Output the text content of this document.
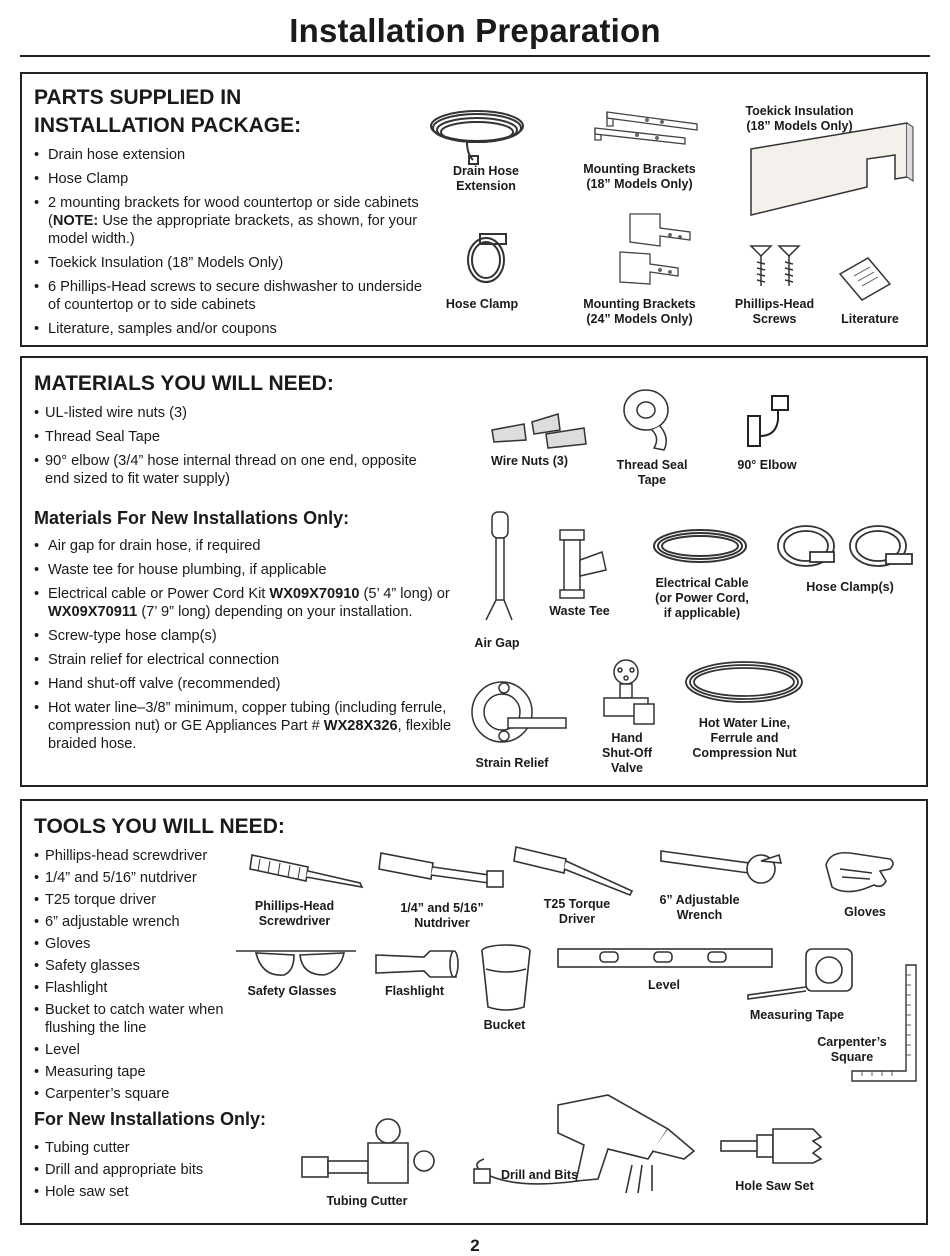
Installation Preparation
PARTS SUPPLIED IN
INSTALLATION PACKAGE:
• Drain hose extension
• Hose Clamp
• 2 mounting brackets for wood countertop or side cabinets (NOTE: Use the appropriate brackets, as shown, for your model width.)
• Toekick Insulation (18” Models Only)
• 6 Phillips-Head screws to secure dishwasher to underside of countertop or to side cabinets
• Literature, samples and/or coupons
Drain Hose
Extension
Mounting Brackets
(18” Models Only)
Toekick Insulation
(18” Models Only)
Hose Clamp	Mounting Brackets
(24” Models Only)
Phillips-Head
Screws	Literature
MATERIALS YOU WILL NEED:
• UL-listed wire nuts (3)
• Thread Seal Tape
• 90° elbow (3/4” hose internal thread on one end, opposite end sized to fit water supply)
Materials For New Installations Only:
• Air gap for drain hose, if required
• Waste tee for house plumbing, if applicable
• Electrical cable or Power Cord Kit WX09X70910 (5’ 4” long) or WX09X70911 (7’ 9” long) depending on your installation.
• Screw-type hose clamp(s)
• Strain relief for electrical connection
• Hand shut-off valve (recommended)
• Hot water line–3/8” minimum, copper tubing (including ferrule, compression nut) or GE Appliances Part # WX28X326, flexible braided hose.
Wire Nuts (3)	Thread Seal
Tape
90° Elbow
Air Gap
Waste Tee
Electrical Cable
(or Power Cord,
if applicable)
Hose Clamp(s)
Strain Relief
Hand
Shut-Off
Valve
Hot Water Line,
Ferrule and
Compression Nut
TOOLS YOU WILL NEED:
• Phillips-head screwdriver
• 1/4” and 5/16” nutdriver
• T25 torque driver
• 6” adjustable wrench
• Gloves
• Safety glasses
• Flashlight
• Bucket to catch water when flushing the line
• Level
• Measuring tape
• Carpenter’s square
For New Installations Only:
• Tubing cutter
• Drill and appropriate bits
• Hole saw set
Phillips-Head
Screwdriver
1/4” and 5/16”
Nutdriver
T25 Torque
Driver
6” Adjustable
Wrench	Gloves
Safety Glasses	Flashlight
Bucket
Level
Measuring Tape
Carpenter’s
Square
Tubing Cutter
Drill and Bits
Hole Saw Set
2
